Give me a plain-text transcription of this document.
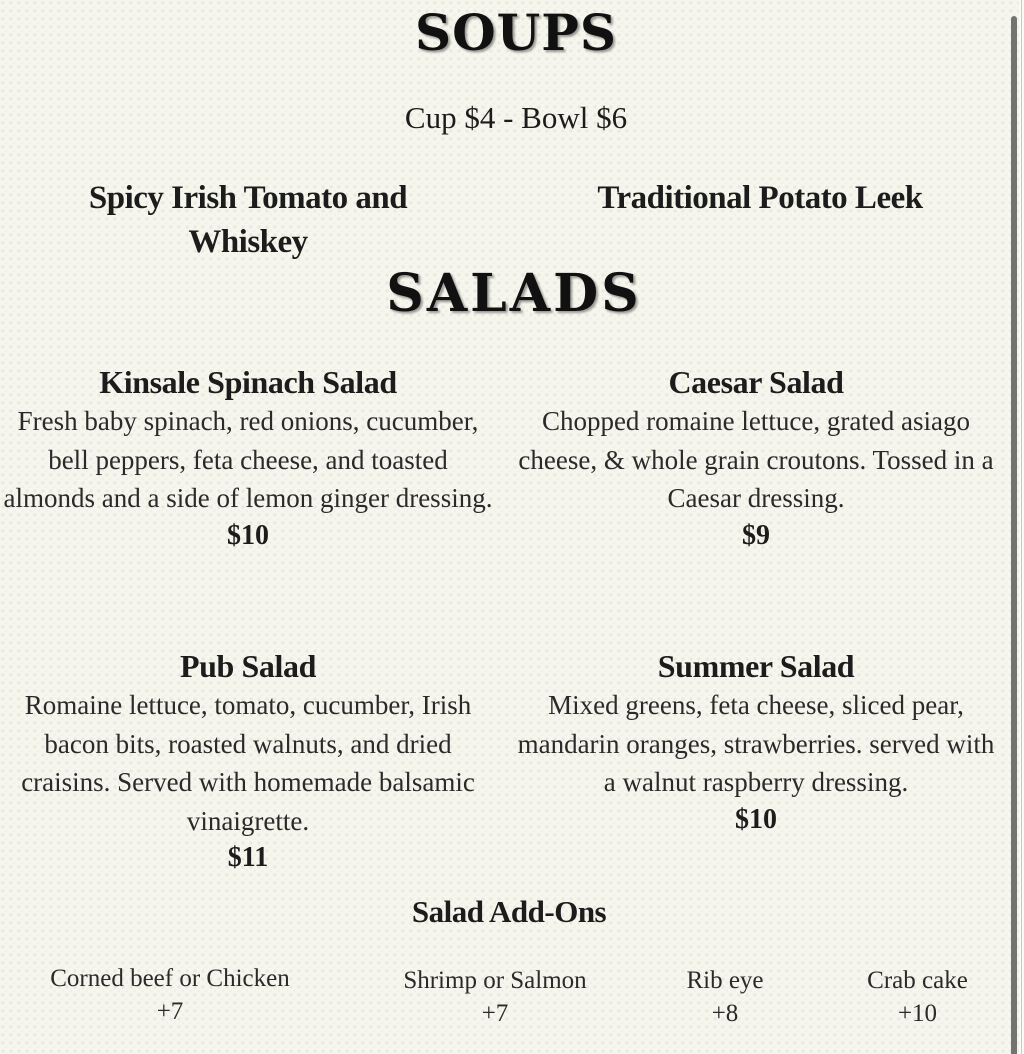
SOUPS
Cup $4 - Bowl $6
Spicy Irish Tomato and Whiskey
Traditional Potato Leek
SALADS
Kinsale Spinach Salad
Fresh baby spinach, red onions, cucumber, bell peppers, feta cheese, and toasted almonds and a side of lemon ginger dressing.
$10
Caesar Salad
Chopped romaine lettuce, grated asiago cheese, & whole grain croutons. Tossed in a Caesar dressing.
$9
Pub Salad
Romaine lettuce, tomato, cucumber, Irish bacon bits, roasted walnuts, and dried craisins. Served with homemade balsamic vinaigrette.
$11
Summer Salad
Mixed greens, feta cheese, sliced pear, mandarin oranges, strawberries. served with a walnut raspberry dressing.
$10
Salad Add-Ons
Corned beef or Chicken
+7
Shrimp or Salmon
+7
Rib eye
+8
Crab cake
+10
